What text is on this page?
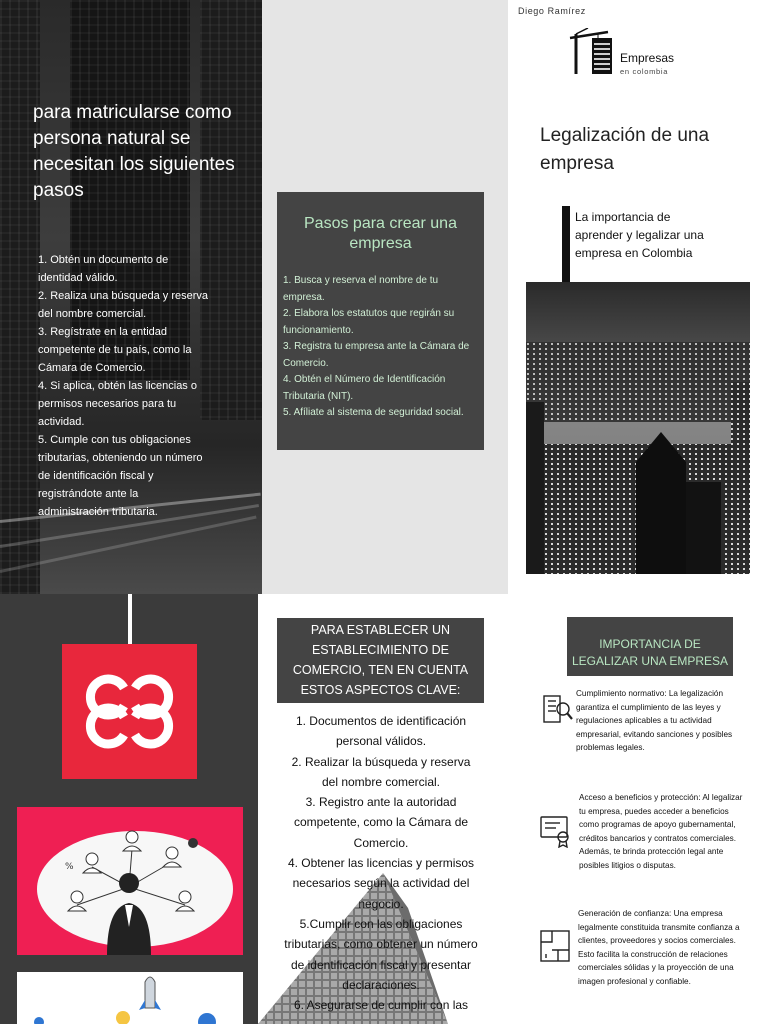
para matricularse como persona natural se necesitan los siguientes pasos
1. Obtén un documento de identidad válido.
2. Realiza una búsqueda y reserva del nombre comercial.
3. Regístrate en la entidad competente de tu país, como la Cámara de Comercio.
4. Si aplica, obtén las licencias o permisos necesarios para tu actividad.
5. Cumple con tus obligaciones tributarias, obteniendo un número de identificación fiscal y registrándote ante la administración tributaria.
Pasos para crear una empresa
1. Busca y reserva el nombre de tu empresa.
2. Elabora los estatutos que regirán su funcionamiento.
3. Registra tu empresa ante la Cámara de Comercio.
4. Obtén el Número de Identificación Tributaria (NIT).
5. Afíliate al sistema de seguridad social.
Diego Ramírez
Empresas
en colombia
Legalización de una empresa
La importancia de aprender y legalizar una empresa en Colombia
%
PARA ESTABLECER UN ESTABLECIMIENTO DE COMERCIO, TEN EN CUENTA ESTOS ASPECTOS CLAVE:
1. Documentos de identificación personal válidos.
2. Realizar la búsqueda y reserva del nombre comercial.
3. Registro ante la autoridad competente, como la Cámara de Comercio.
4. Obtener las licencias y permisos necesarios según la actividad del negocio.
5.Cumplir con las obligaciones tributarias, como obtener un número de identificación fiscal y presentar declaraciones.
6. Asegurarse de cumplir con las
IMPORTANCIA DE LEGALIZAR UNA EMPRESA
Cumplimiento normativo: La legalización garantiza el cumplimiento de las leyes y regulaciones aplicables a tu actividad empresarial, evitando sanciones y posibles problemas legales.
Acceso a beneficios y protección: Al legalizar tu empresa, puedes acceder a beneficios como programas de apoyo gubernamental, créditos bancarios y contratos comerciales. Además, te brinda protección legal ante posibles litigios o disputas.
Generación de confianza: Una empresa legalmente constituida transmite confianza a clientes, proveedores y socios comerciales. Esto facilita la construcción de relaciones comerciales sólidas y la proyección de una imagen profesional y confiable.
